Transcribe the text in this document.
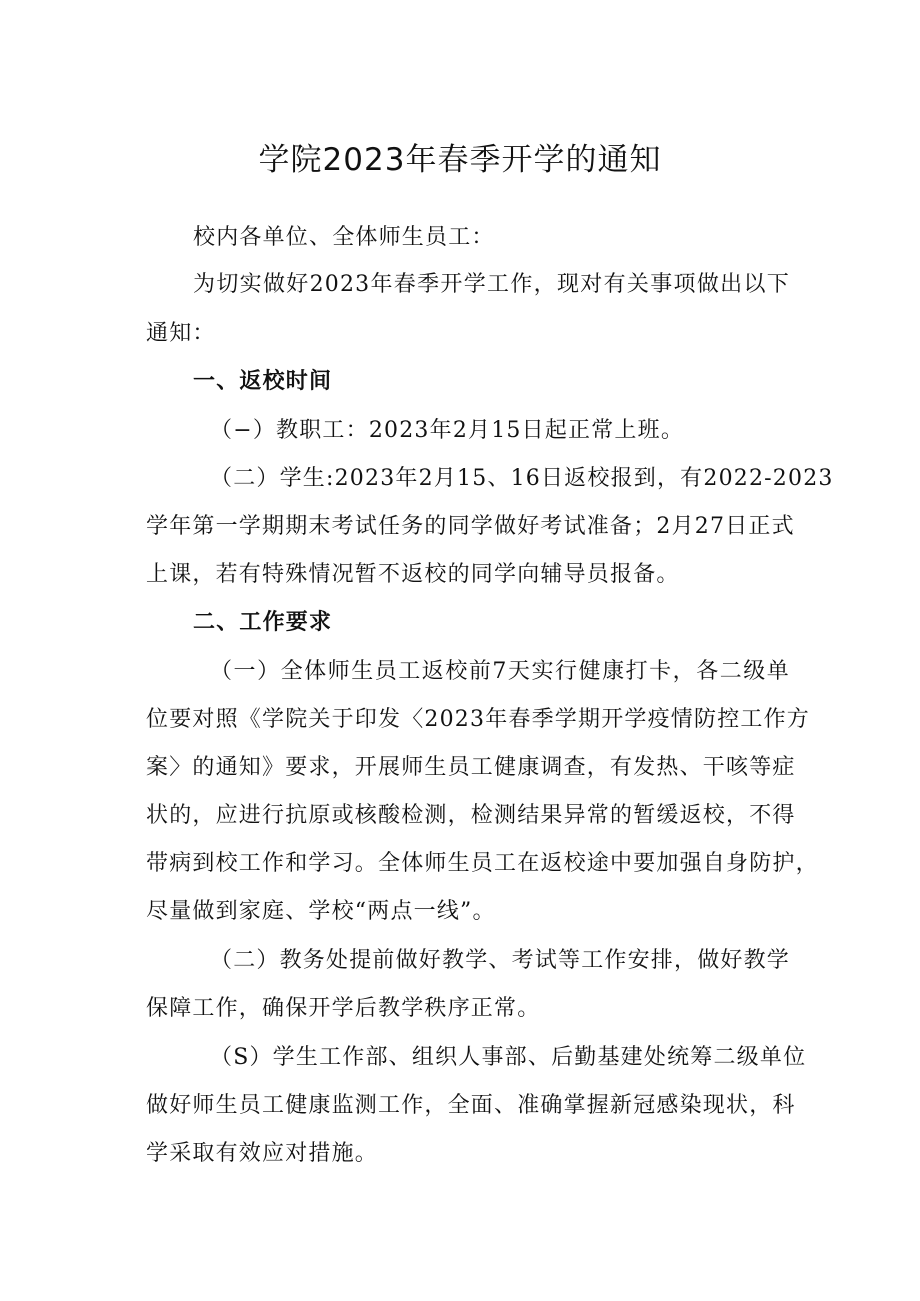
学院2023年春季开学的通知
校内各单位、全体师生员工：
为切实做好2023年春季开学工作，现对有关事项做出以下
通知：
一、返校时间
（−）教职工：2023年2月15日起正常上班。
（二）学生:2023年2月15、16日返校报到，有2022-2023
学年第一学期期末考试任务的同学做好考试准备；2月27日正式
上课，若有特殊情况暂不返校的同学向辅导员报备。
二、工作要求
（一）全体师生员工返校前7天实行健康打卡，各二级单
位要对照《学院关于印发〈2023年春季学期开学疫情防控工作方
案〉的通知》要求，开展师生员工健康调查，有发热、干咳等症
状的，应进行抗原或核酸检测，检测结果异常的暂缓返校，不得
带病到校工作和学习。全体师生员工在返校途中要加强自身防护，
尽量做到家庭、学校“两点一线”。
（二）教务处提前做好教学、考试等工作安排，做好教学
保障工作，确保开学后教学秩序正常。
（S）学生工作部、组织人事部、后勤基建处统筹二级单位
做好师生员工健康监测工作，全面、准确掌握新冠感染现状，科
学采取有效应对措施。
